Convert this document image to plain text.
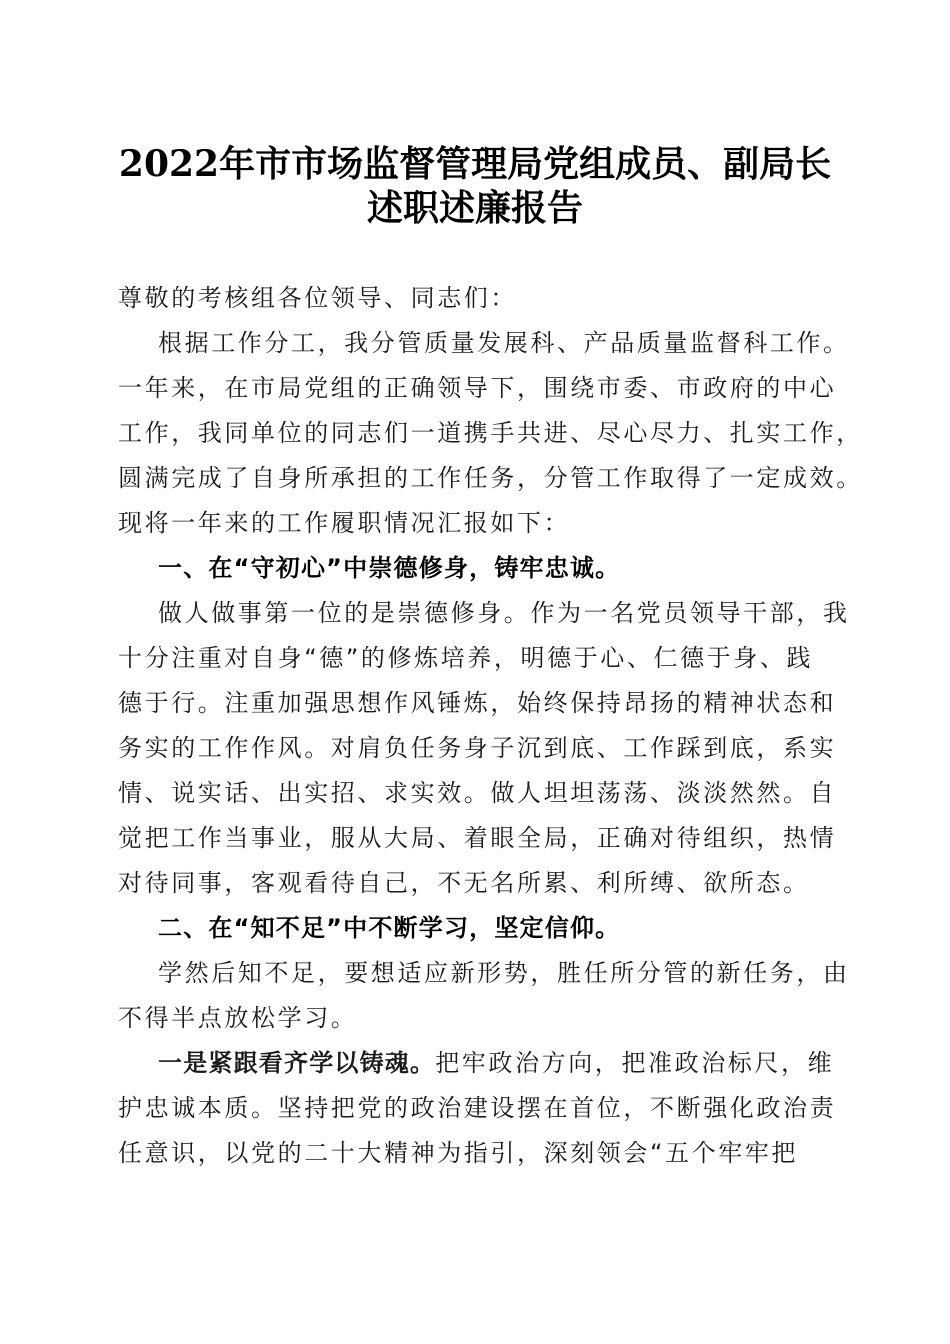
2022年市市场监督管理局党组成员、副局长
述职述廉报告
尊敬的考核组各位领导、同志们：
根据工作分工，我分管质量发展科、产品质量监督科工作。
一年来，在市局党组的正确领导下，围绕市委、市政府的中心
工作，我同单位的同志们一道携手共进、尽心尽力、扎实工作，
圆满完成了自身所承担的工作任务，分管工作取得了一定成效。
现将一年来的工作履职情况汇报如下：
一、在“守初心”中崇德修身，铸牢忠诚。
做人做事第一位的是崇德修身。作为一名党员领导干部，我
十分注重对自身“德”的修炼培养，明德于心、仁德于身、践
德于行。注重加强思想作风锤炼，始终保持昂扬的精神状态和
务实的工作作风。对肩负任务身子沉到底、工作踩到底，系实
情、说实话、出实招、求实效。做人坦坦荡荡、淡淡然然。自
觉把工作当事业，服从大局、着眼全局，正确对待组织，热情
对待同事，客观看待自己，不无名所累、利所缚、欲所态。
二、在“知不足”中不断学习，坚定信仰。
学然后知不足，要想适应新形势，胜任所分管的新任务，由
不得半点放松学习。
一是紧跟看齐学以铸魂。把牢政治方向，把准政治标尺，维
护忠诚本质。坚持把党的政治建设摆在首位，不断强化政治责
任意识，以党的二十大精神为指引，深刻领会“五个牢牢把
